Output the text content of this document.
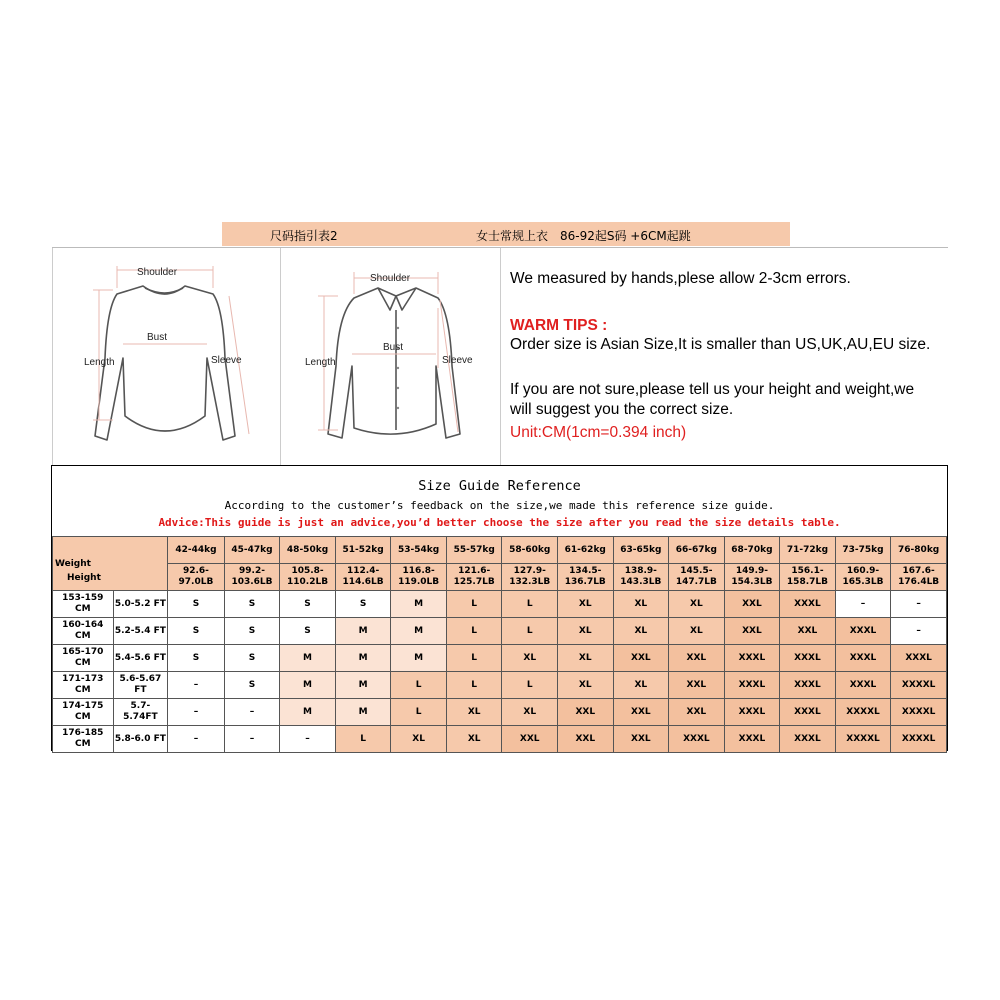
尺码指引表2	女士常规上衣　86-92起S码 +6CM起跳
Shoulder
Bust
Length	Sleeve
Shoulder
Bust
Length	Sleeve
We measured by hands,plese allow 2-3cm errors.
WARM TIPS :
Order size is Asian Size,It is smaller than US,UK,AU,EU size.
If you are not sure,please tell us your height and weight,we
will suggest you the correct size.
Unit:CM(1cm=0.394 inch)
Size Guide Reference
According to the customer’s feedback on the size,we made this reference size guide.
Advice:This guide is just an advice,you’d better choose the size after you read the size details table.
Weight
Height		42-44kg	45-47kg	48-50kg	51-52kg	53-54kg	55-57kg	58-60kg	61-62kg	63-65kg	66-67kg	68-70kg	71-72kg	73-75kg	76-80kg
		92.6-
97.0LB	99.2-
103.6LB	105.8-
110.2LB	112.4-
114.6LB	116.8-
119.0LB	121.6-
125.7LB	127.9-
132.3LB	134.5-
136.7LB	138.9-
143.3LB	145.5-
147.7LB	149.9-
154.3LB	156.1-
158.7LB	160.9-
165.3LB	167.6-
176.4LB
153-159
CM	5.0-5.2 FT	S	S	S	S	M	L	L	XL	XL	XL	XXL	XXXL	–	–
160-164
CM	5.2-5.4 FT	S	S	S	M	M	L	L	XL	XL	XL	XXL	XXL	XXXL	–
165-170
CM	5.4-5.6 FT	S	S	M	M	M	L	XL	XL	XXL	XXL	XXXL	XXXL	XXXL	XXXL
171-173
CM	5.6-5.67
FT	–	S	M	M	L	L	L	XL	XL	XXL	XXXL	XXXL	XXXL	XXXXL
174-175
CM	5.7-
5.74FT	–	–	M	M	L	XL	XL	XXL	XXL	XXL	XXXL	XXXL	XXXXL	XXXXL
176-185
CM	5.8-6.0 FT	–	–	–	L	XL	XL	XXL	XXL	XXL	XXXL	XXXL	XXXL	XXXXL	XXXXL
